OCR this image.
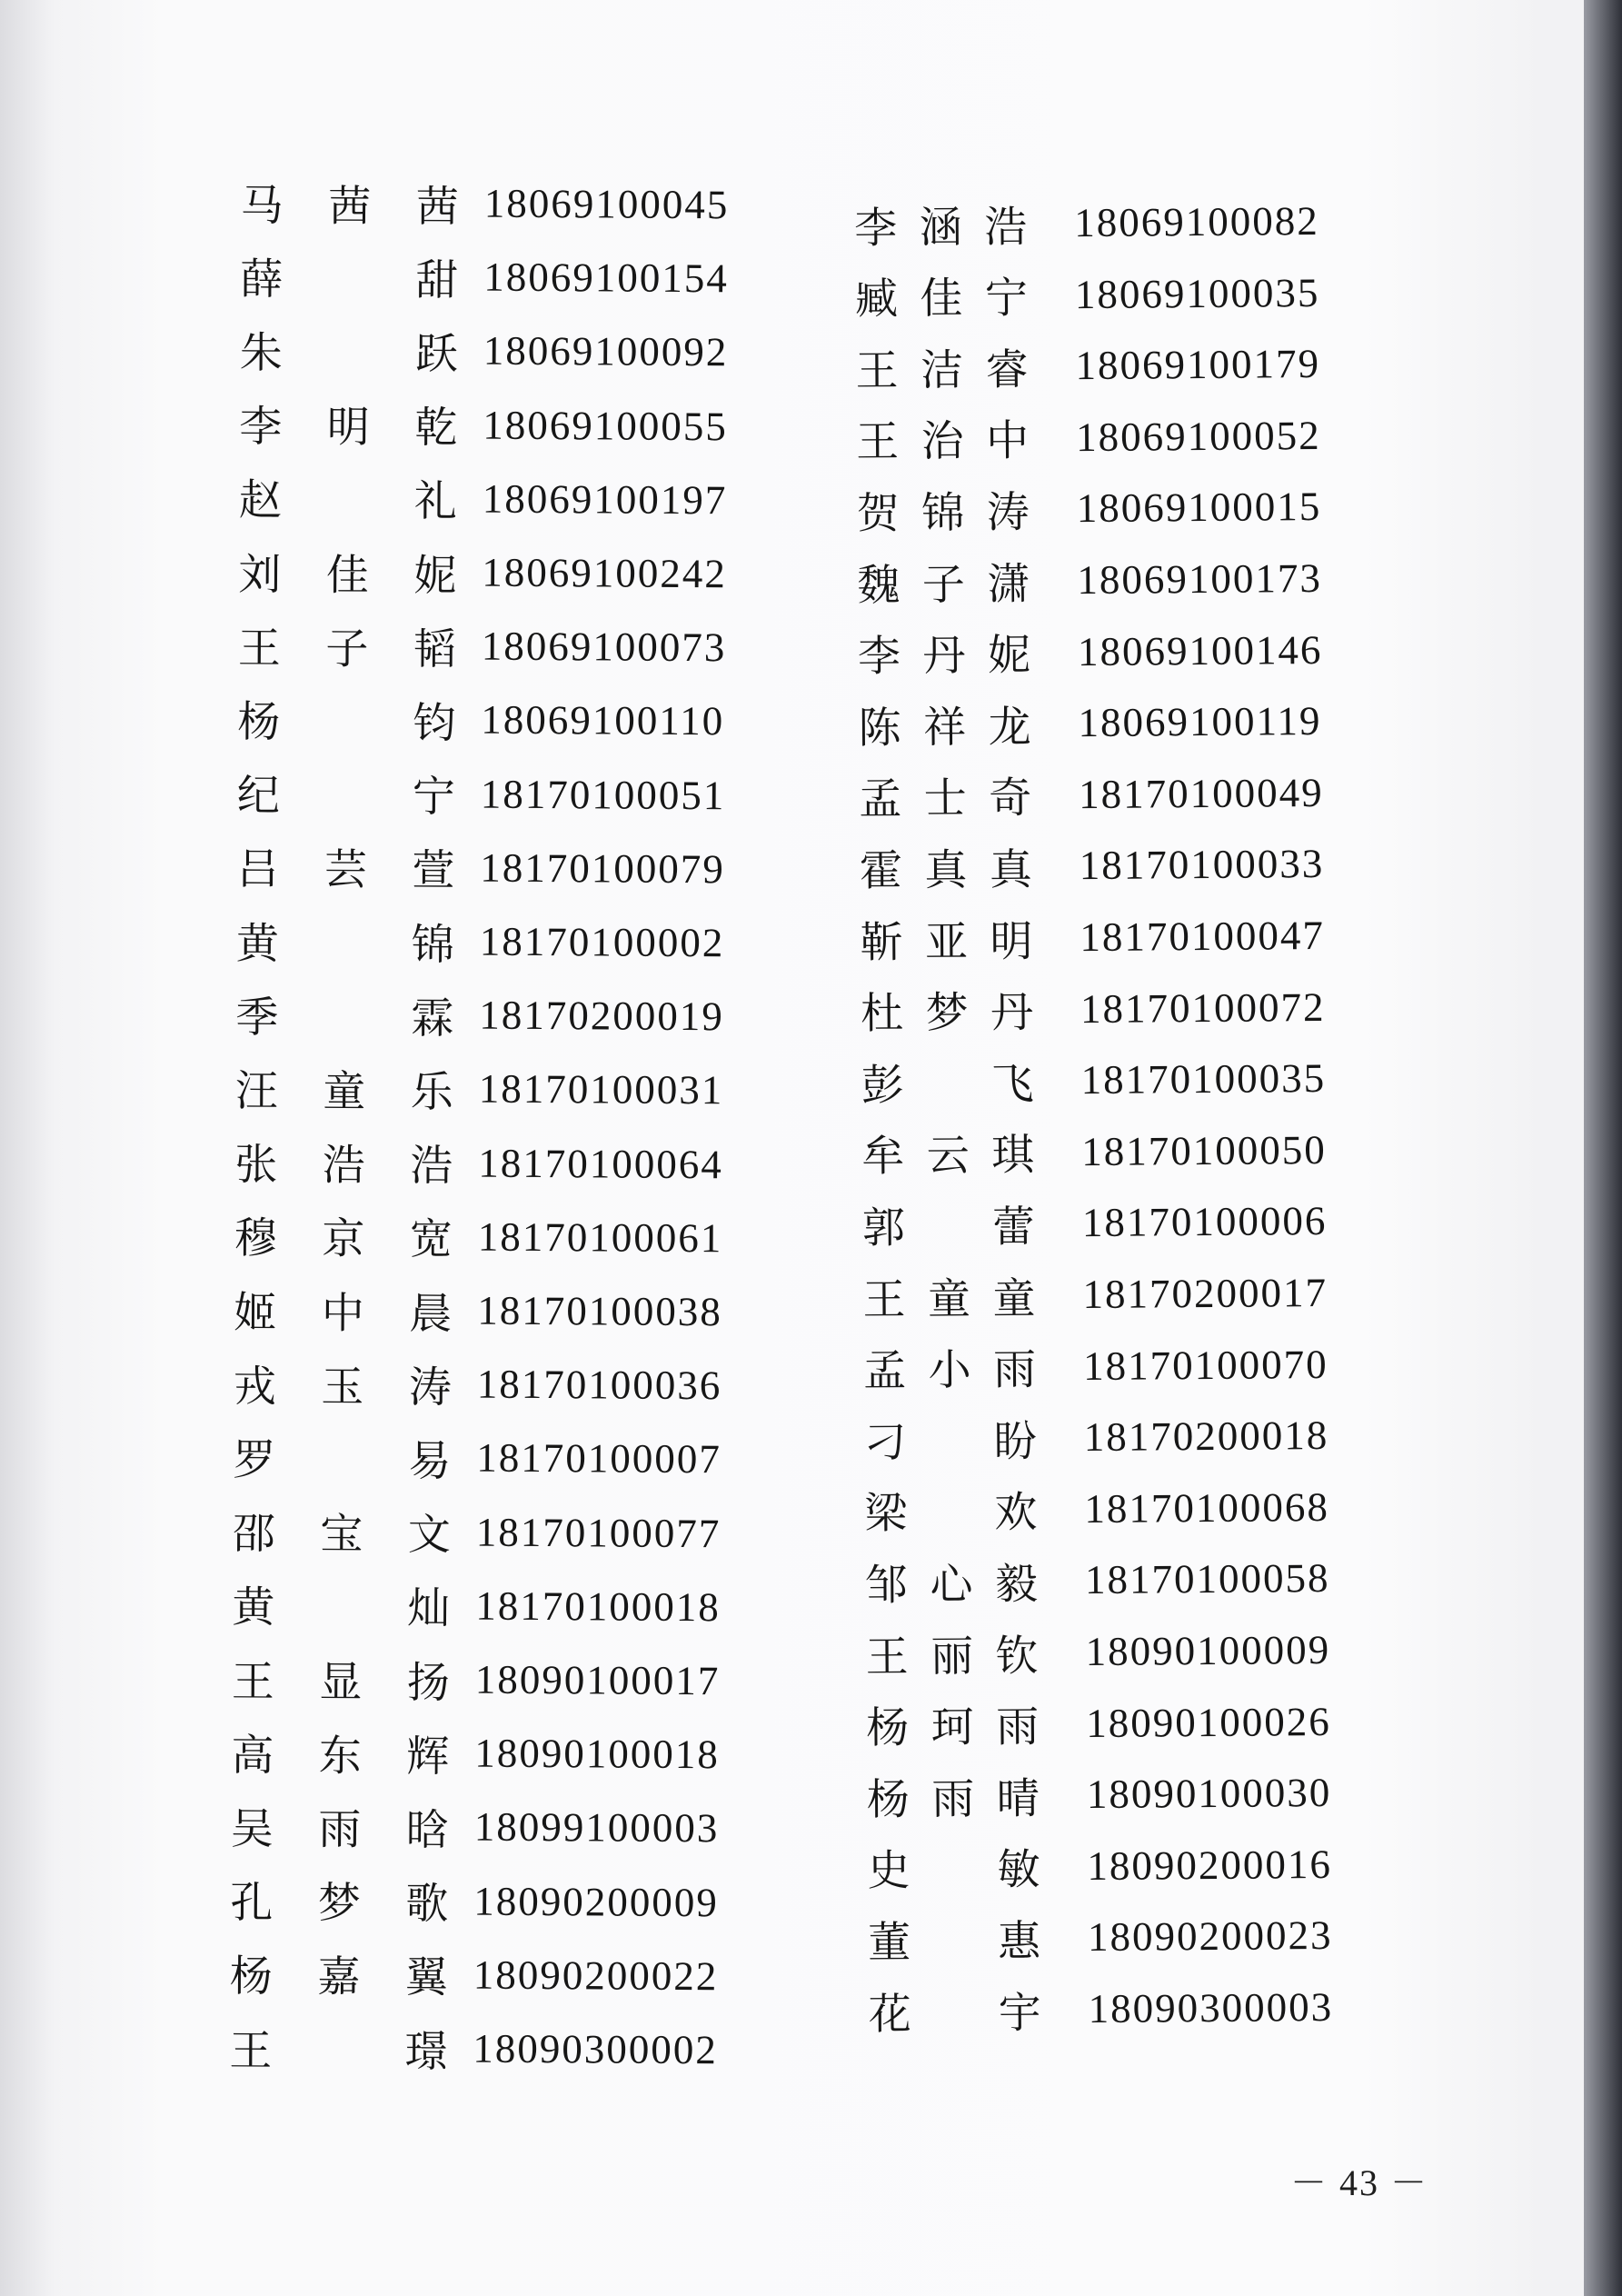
马茜茜 18069100045
薛甜 18069100154
朱跃 18069100092
李明乾 18069100055
赵礼 18069100197
刘佳妮 18069100242
王子韬 18069100073
杨钧 18069100110
纪宁 18170100051
吕芸萱 18170100079
黄锦 18170100002
季霖 18170200019
汪童乐 18170100031
张浩浩 18170100064
穆京宽 18170100061
姬中晨 18170100038
戎玉涛 18170100036
罗易 18170100007
邵宝文 18170100077
黄灿 18170100018
王显扬 18090100017
高东辉 18090100018
吴雨晗 18099100003
孔梦歌 18090200009
杨嘉翼 18090200022
王璟 18090300002
李涵浩 18069100082
臧佳宁 18069100035
王洁睿 18069100179
王治中 18069100052
贺锦涛 18069100015
魏子潇 18069100173
李丹妮 18069100146
陈祥龙 18069100119
孟士奇 18170100049
霍真真 18170100033
靳亚明 18170100047
杜梦丹 18170100072
彭飞 18170100035
牟云琪 18170100050
郭蕾 18170100006
王童童 18170200017
孟小雨 18170100070
刁盼 18170200018
梁欢 18170100068
邹心毅 18170100058
王丽钦 18090100009
杨珂雨 18090100026
杨雨晴 18090100030
史敏 18090200016
董惠 18090200023
花宇 18090300003
－ 43 －
